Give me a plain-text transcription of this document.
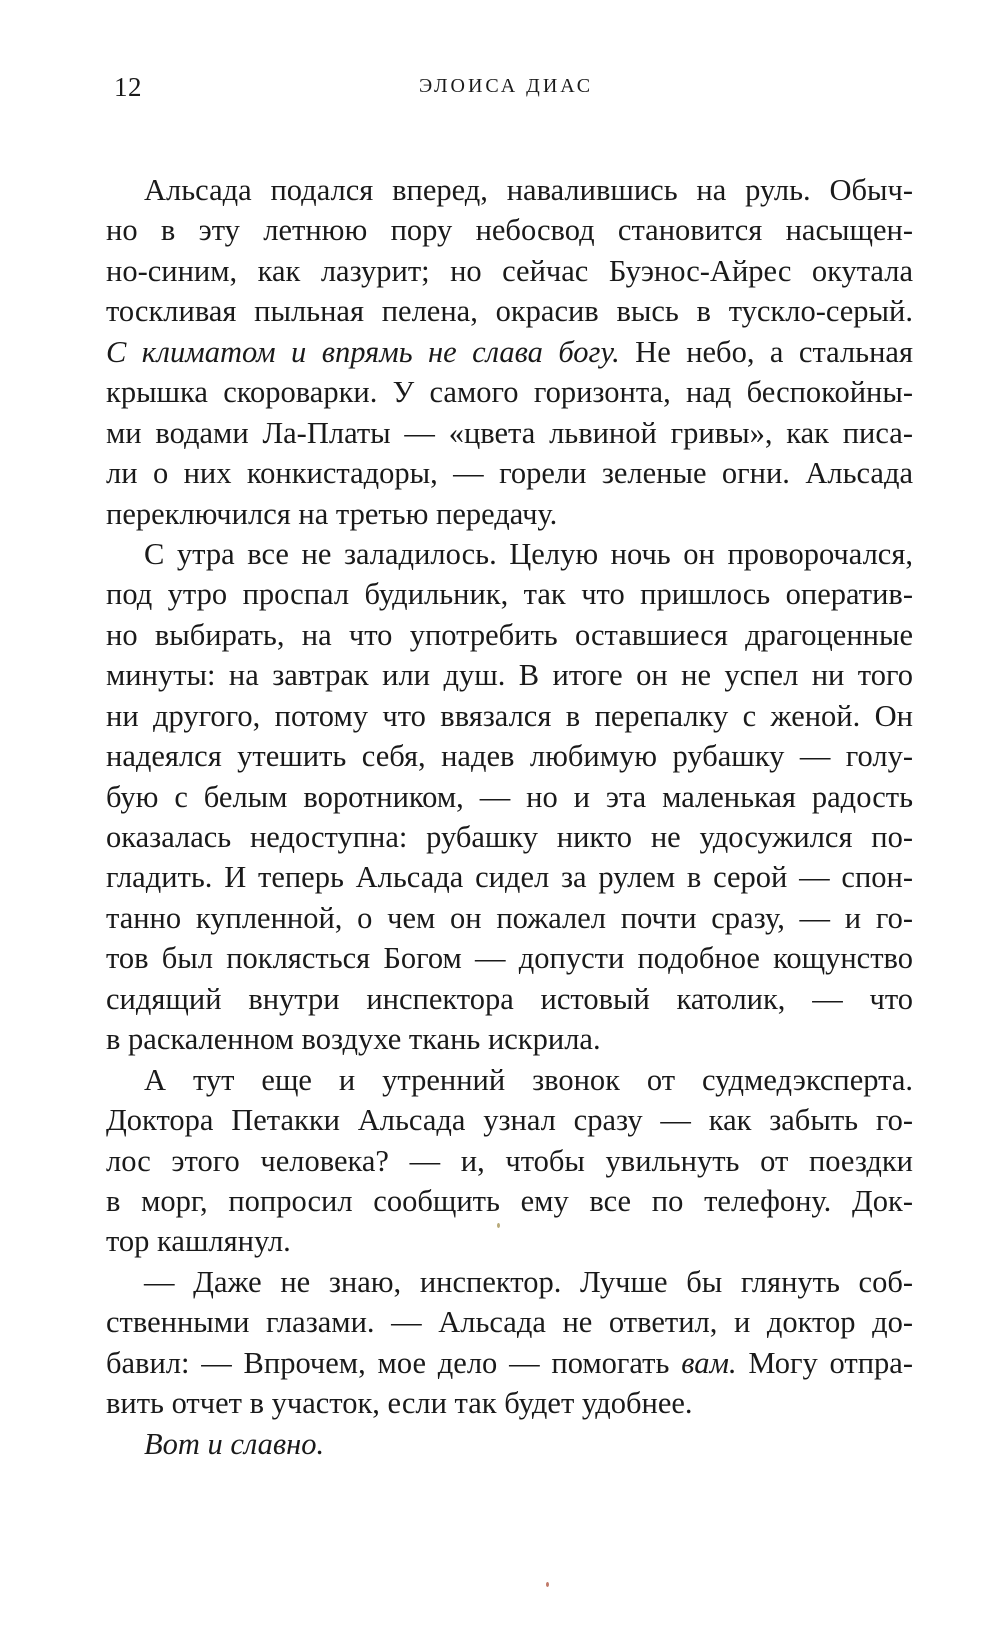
12	ЭЛОИСА ДИАС
Альсада подался вперед, навалившись на руль. Обыч-
но в эту летнюю пору небосвод становится насыщен-
но-синим, как лазурит; но сейчас Буэнос-Айрес окутала
тоскливая пыльная пелена, окрасив высь в тускло-серый.
С климатом и впрямь не слава богу. Не небо, а стальная
крышка скороварки. У самого горизонта, над беспокойны-
ми водами Ла-Платы — «цвета львиной гривы», как писа-
ли о них конкистадоры, — горели зеленые огни. Альсада
переключился на третью передачу.
С утра все не заладилось. Целую ночь он проворочался,
под утро проспал будильник, так что пришлось оператив-
но выбирать, на что употребить оставшиеся драгоценные
минуты: на завтрак или душ. В итоге он не успел ни того
ни другого, потому что ввязался в перепалку с женой. Он
надеялся утешить себя, надев любимую рубашку — голу-
бую с белым воротником, — но и эта маленькая радость
оказалась недоступна: рубашку никто не удосужился по-
гладить. И теперь Альсада сидел за рулем в серой — спон-
танно купленной, о чем он пожалел почти сразу, — и го-
тов был поклясться Богом — допусти подобное кощунство
сидящий внутри инспектора истовый католик, — что
в раскаленном воздухе ткань искрила.
А тут еще и утренний звонок от судмедэксперта.
Доктора Петакки Альсада узнал сразу — как забыть го-
лос этого человека? — и, чтобы увильнуть от поездки
в морг, попросил сообщить ему все по телефону. Док-
тор кашлянул.
— Даже не знаю, инспектор. Лучше бы глянуть соб-
ственными глазами. — Альсада не ответил, и доктор до-
бавил: — Впрочем, мое дело — помогать вам. Могу отпра-
вить отчет в участок, если так будет удобнее.
Вот и славно.
